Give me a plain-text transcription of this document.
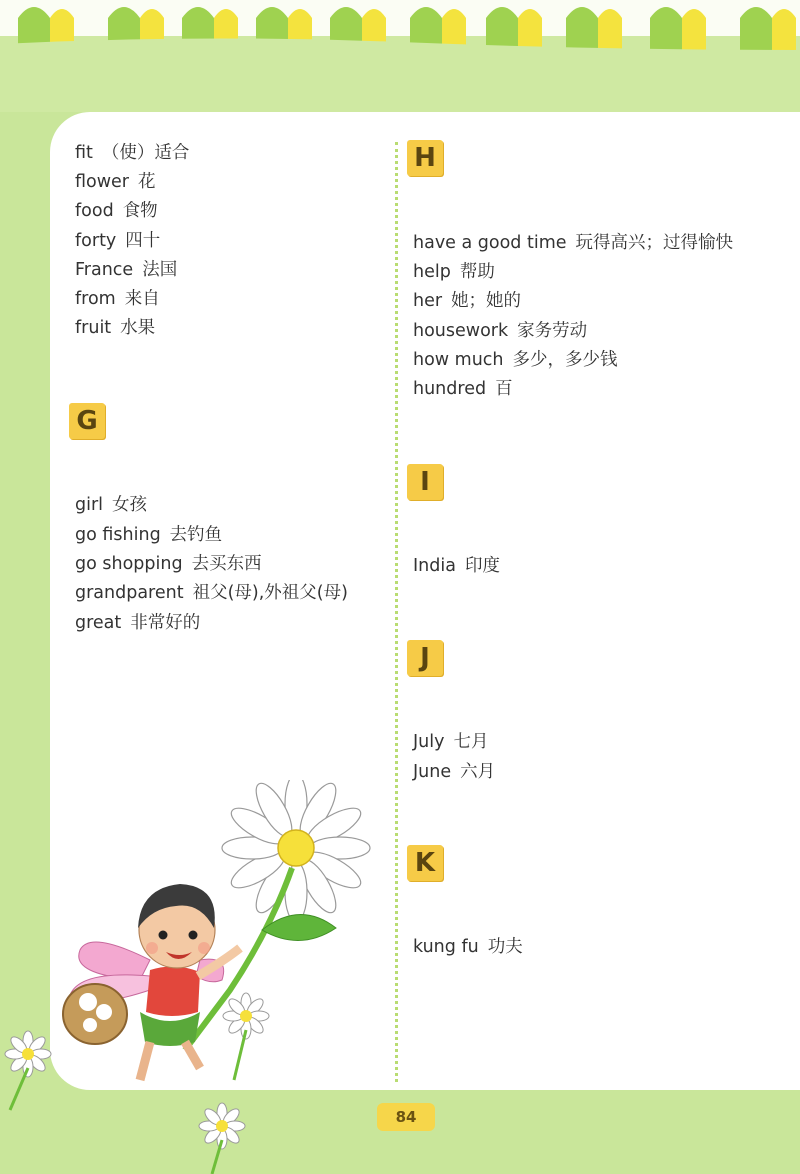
fit （使）适合
flower 花
food 食物
forty 四十
France 法国
from 来自
fruit 水果
G
girl 女孩
go fishing 去钓鱼
go shopping 去买东西
grandparent 祖父(母),外祖父(母)
great 非常好的
H
have a good time 玩得高兴；过得愉快
help 帮助
her 她；她的
housework 家务劳动
how much 多少，多少钱
hundred 百
I
India 印度
J
July 七月
June 六月
K
kung fu 功夫
84
